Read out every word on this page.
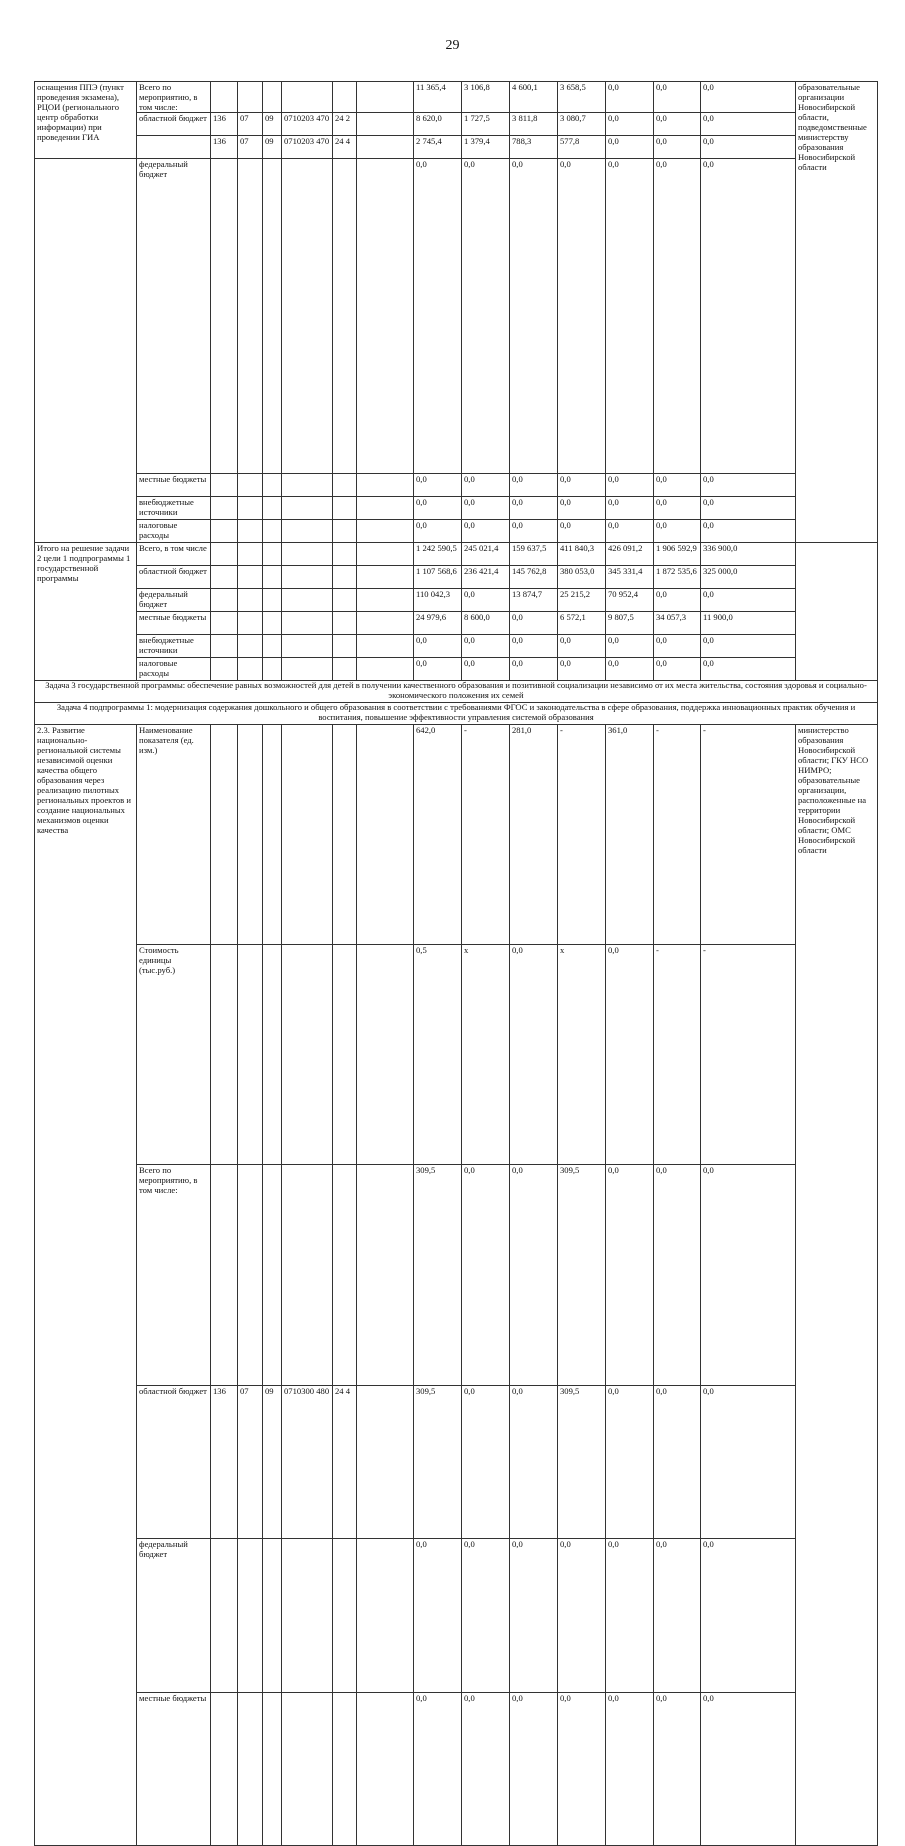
29
оснащения ППЭ (пункт проведения экзамена), РЦОИ (регионального центр обработки информации) при проведении ГИА	Всего по мероприятию, в том числе:							11 365,4	3 106,8	4 600,1	3 658,5	0,0	0,0	0,0	образовательные организации Новосибирской области, подведомственные министерству образования Новосибирской области	
	областной бюджет	136	07	09	0710203 470	24 2		8 620,0	1 727,5	3 811,8	3 080,7	0,0	0,0	0,0		
		136	07	09	0710203 470	24 4		2 745,4	1 379,4	788,3	577,8	0,0	0,0	0,0		
	федеральный бюджет							0,0	0,0	0,0	0,0	0,0	0,0	0,0		
	местные бюджеты							0,0	0,0	0,0	0,0	0,0	0,0	0,0		
	внебюджетные источники							0,0	0,0	0,0	0,0	0,0	0,0	0,0		
	налоговые расходы							0,0	0,0	0,0	0,0	0,0	0,0	0,0		
Итого на решение задачи 2 цели 1 подпрограммы 1 государственной программы	Всего, в том числе							1 242 590,5	245 021,4	159 637,5	411 840,3	426 091,2	1 906 592,9	336 900,0		
	областной бюджет							1 107 568,6	236 421,4	145 762,8	380 053,0	345 331,4	1 872 535,6	325 000,0		
	федеральный бюджет							110 042,3	0,0	13 874,7	25 215,2	70 952,4	0,0	0,0		
	местные бюджеты							24 979,6	8 600,0	0,0	6 572,1	9 807,5	34 057,3	11 900,0		
	внебюджетные источники							0,0	0,0	0,0	0,0	0,0	0,0	0,0		
	налоговые расходы							0,0	0,0	0,0	0,0	0,0	0,0	0,0		
Задача 3 государственной программы: обеспечение равных возможностей для детей в получении качественного образования и позитивной социализации независимо от их места жительства, состояния здоровья и социально-экономического положения их семей																
Задача 4 подпрограммы 1: модернизация содержания дошкольного и общего образования в соответствии с требованиями ФГОС и законодательства в сфере образования, поддержка инновационных практик обучения и воспитания, повышение эффективности управления системой образования																
2.3. Развитие национально-региональной системы независимой оценки качества общего образования через реализацию пилотных региональных проектов и создание национальных механизмов оценки качества	Наименование показателя (ед. изм.)							642,0	-	281,0	-	361,0	-	-	министерство образования Новосибирской области; ГКУ НСО НИМРО; образовательные организации, расположенные на территории Новосибирской области; ОМС Новосибирской области	
	Стоимость единицы (тыс.руб.)							0,5	х	0,0	х	0,0	-	-		
	Всего по мероприятию, в том числе:							309,5	0,0	0,0	309,5	0,0	0,0	0,0		
	областной бюджет	136	07	09	0710300 480	24 4		309,5	0,0	0,0	309,5	0,0	0,0	0,0		
	федеральный бюджет							0,0	0,0	0,0	0,0	0,0	0,0	0,0		
	местные бюджеты							0,0	0,0	0,0	0,0	0,0	0,0	0,0		
